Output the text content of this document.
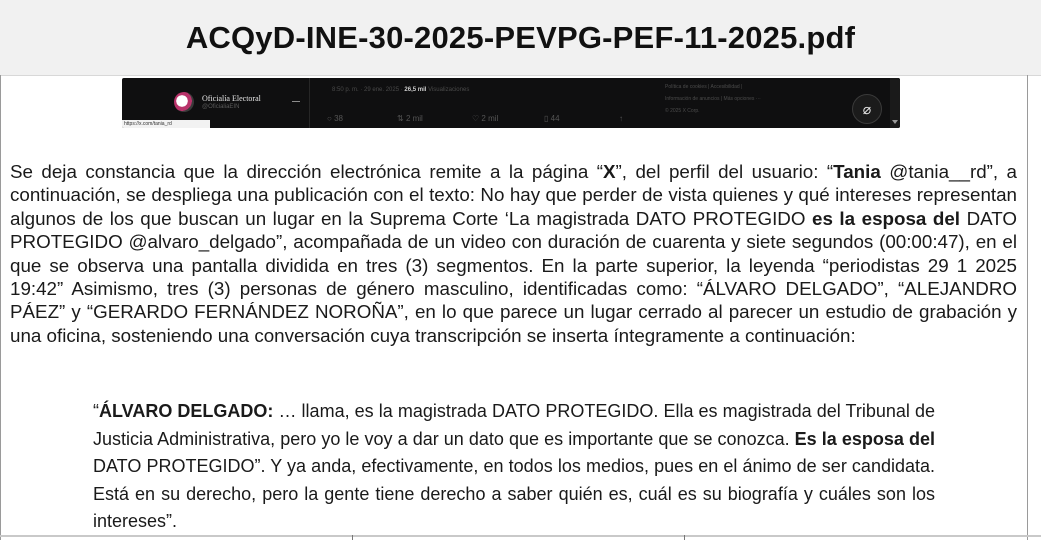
ACQyD-INE-30-2025-PEVPG-PEF-11-2025.pdf
Oficialía Electoral
@OficialiaEIN
https://x.com/tania_rd
8:50 p. m. · 29 ene. 2025 · 26,5 mil Visualizaciones
○ 38	⇅ 2 mil	♡ 2 mil	▯ 44	↑
Política de cookies | Accesibilidad |
Información de anuncios | Más opciones ···
© 2025 X Corp.	⌀

Se deja constancia que la dirección electrónica remite a la página “X”, del perfil del usuario: “Tania @tania__rd”, a continuación, se despliega una publicación con el texto: No hay que perder de vista quienes y qué intereses representan algunos de los que buscan un lugar en la Suprema Corte ‘La magistrada DATO PROTEGIDO es la esposa del DATO PROTEGIDO @alvaro_delgado”, acompañada de un video con duración de cuarenta y siete segundos (00:00:47), en el que se observa una pantalla dividida en tres (3) segmentos. En la parte superior, la leyenda “periodistas 29 1 2025 19:42” Asimismo, tres (3) personas de género masculino, identificadas como: “ÁLVARO DELGADO”, “ALEJANDRO PÁEZ” y “GERARDO FERNÁNDEZ NOROÑA”, en lo que parece un lugar cerrado al parecer un estudio de grabación y una oficina, sosteniendo una conversación cuya transcripción se inserta íntegramente a continuación:

“ÁLVARO DELGADO: … llama, es la magistrada DATO PROTEGIDO. Ella es magistrada del Tribunal de Justicia Administrativa, pero yo le voy a dar un dato que es importante que se conozca. Es la esposa del DATO PROTEGIDO”. Y ya anda, efectivamente, en todos los medios, pues en el ánimo de ser candidata. Está en su derecho, pero la gente tiene derecho a saber quién es, cuál es su biografía y cuáles son los intereses”.
